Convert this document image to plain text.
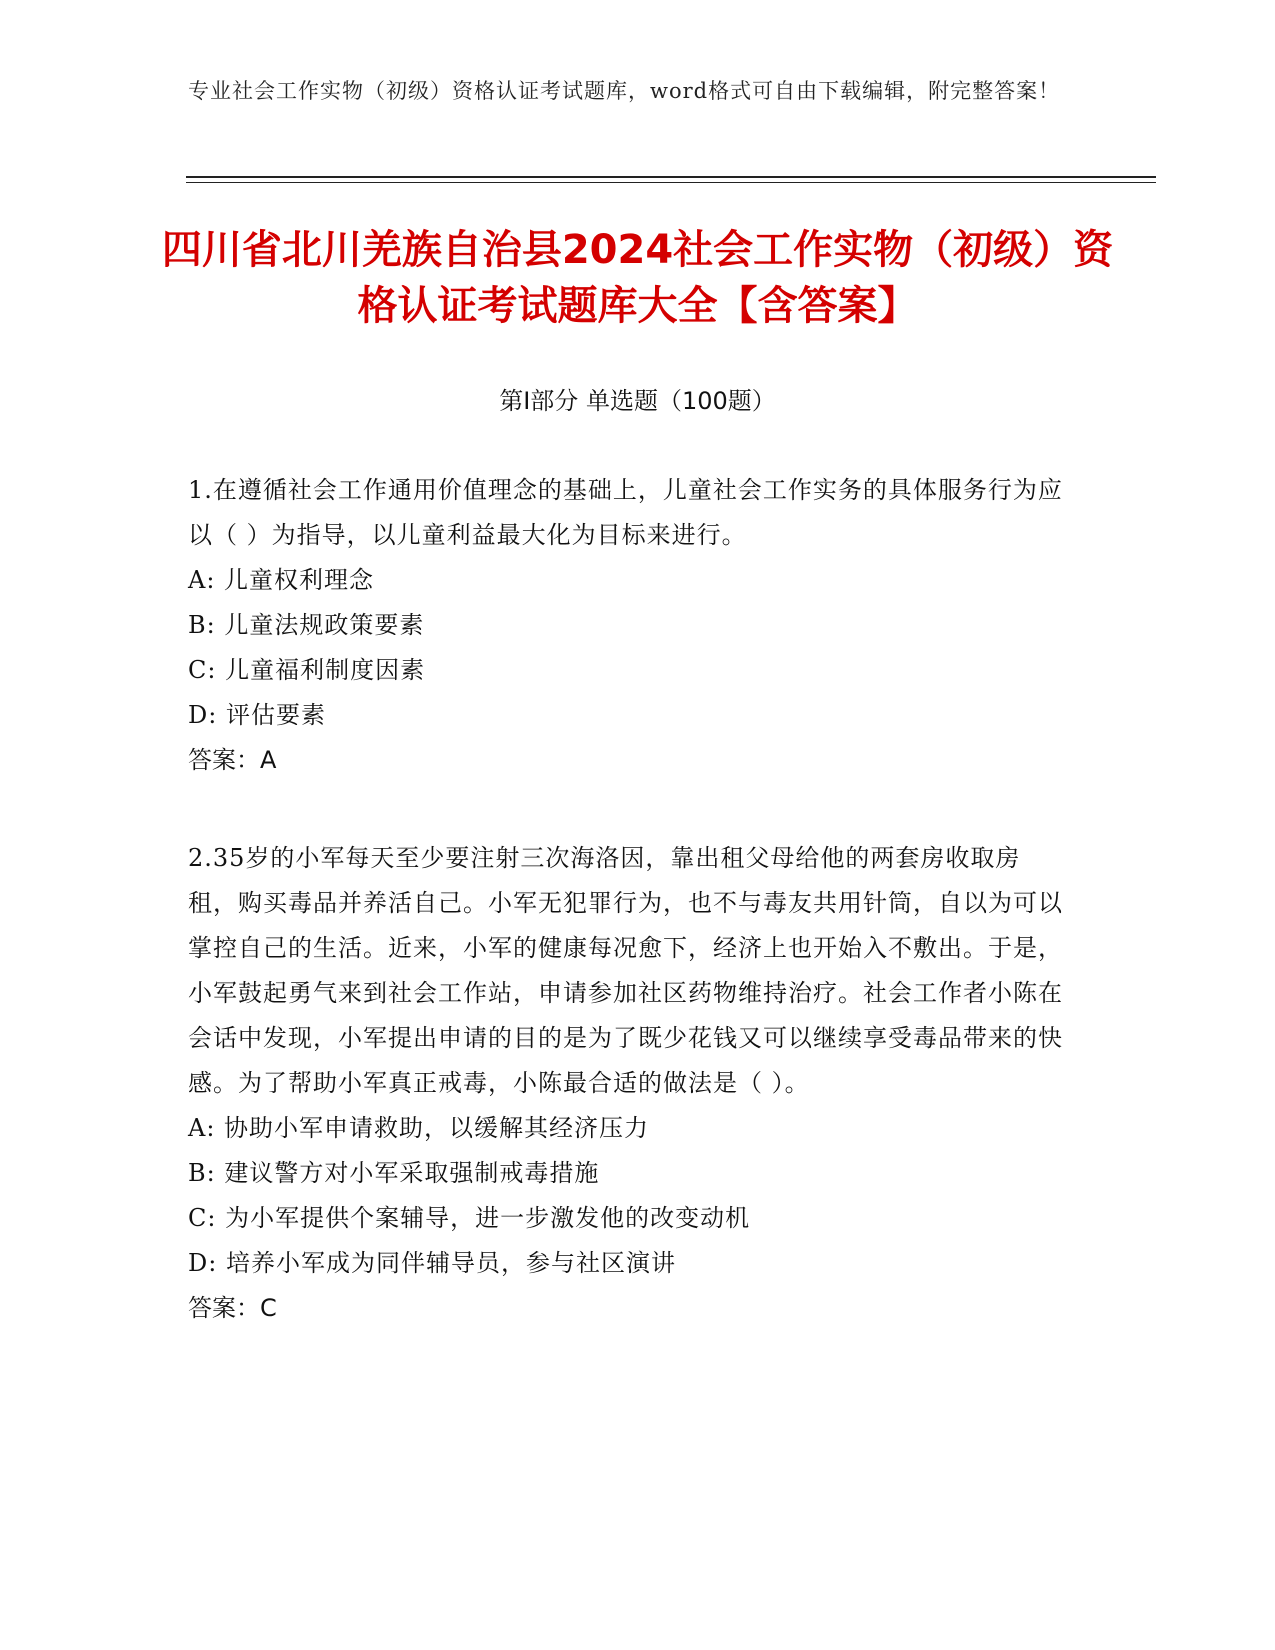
专业社会工作实物（初级）资格认证考试题库，word格式可自由下载编辑，附完整答案！
四川省北川羌族自治县2024社会工作实物（初级）资格认证考试题库大全【含答案】
第I部分 单选题（100题）

1.在遵循社会工作通用价值理念的基础上，儿童社会工作实务的具体服务行为应以（ ）为指导，以儿童利益最大化为目标来进行。

A: 儿童权利理念

B: 儿童法规政策要素

C: 儿童福利制度因素

D: 评估要素

答案：A

2.35岁的小军每天至少要注射三次海洛因，靠出租父母给他的两套房收取房租，购买毒品并养活自己。小军无犯罪行为，也不与毒友共用针筒，自以为可以掌控自己的生活。近来，小军的健康每况愈下，经济上也开始入不敷出。于是，小军鼓起勇气来到社会工作站，申请参加社区药物维持治疗。社会工作者小陈在会话中发现，小军提出申请的目的是为了既少花钱又可以继续享受毒品带来的快感。为了帮助小军真正戒毒，小陈最合适的做法是（ ）。

A: 协助小军申请救助，以缓解其经济压力

B: 建议警方对小军采取强制戒毒措施

C: 为小军提供个案辅导，进一步激发他的改变动机

D: 培养小军成为同伴辅导员，参与社区演讲

答案：C
